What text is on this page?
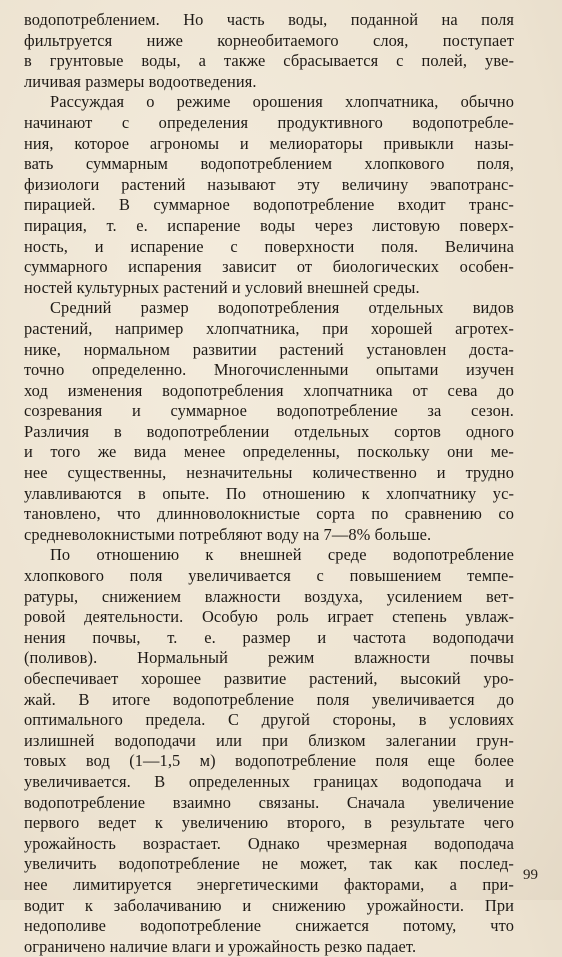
водопотреблением. Но часть воды, поданной на поля
фильтруется ниже корнеобитаемого слоя, поступает
в грунтовые воды, а также сбрасывается с полей, уве-
личивая размеры водоотведения.
Рассуждая о режиме орошения хлопчатника, обычно
начинают с определения продуктивного водопотребле-
ния, которое агрономы и мелиораторы привыкли назы-
вать суммарным водопотреблением хлопкового поля,
физиологи растений называют эту величину эвапотранс-
пирацией. В суммарное водопотребление входит транс-
пирация, т. е. испарение воды через листовую поверх-
ность, и испарение с поверхности поля. Величина
суммарного испарения зависит от биологических особен-
ностей культурных растений и условий внешней среды.
Средний размер водопотребления отдельных видов
растений, например хлопчатника, при хорошей агротех-
нике, нормальном развитии растений установлен доста-
точно определенно. Многочисленными опытами изучен
ход изменения водопотребления хлопчатника от сева до
созревания и суммарное водопотребление за сезон.
Различия в водопотреблении отдельных сортов одного
и того же вида менее определенны, поскольку они ме-
нее существенны, незначительны количественно и трудно
улавливаются в опыте. По отношению к хлопчатнику ус-
тановлено, что длинноволокнистые сорта по сравнению со
средневолокнистыми потребляют воду на 7—8% больше.
По отношению к внешней среде водопотребление
хлопкового поля увеличивается с повышением темпе-
ратуры, снижением влажности воздуха, усилением вет-
ровой деятельности. Особую роль играет степень увлаж-
нения почвы, т. е. размер и частота водоподачи
(поливов). Нормальный режим влажности почвы
обеспечивает хорошее развитие растений, высокий уро-
жай. В итоге водопотребление поля увеличивается до
оптимального предела. С другой стороны, в условиях
излишней водоподачи или при близком залегании грун-
товых вод (1—1,5 м) водопотребление поля еще более
увеличивается. В определенных границах водоподача и
водопотребление взаимно связаны. Сначала увеличение
первого ведет к увеличению второго, в результате чего
урожайность возрастает. Однако чрезмерная водоподача
увеличить водопотребление не может, так как послед-
нее лимитируется энергетическими факторами, а при-
водит к заболачиванию и снижению урожайности. При
недополиве водопотребление снижается потому, что
ограничено наличие влаги и урожайность резко падает.
99
